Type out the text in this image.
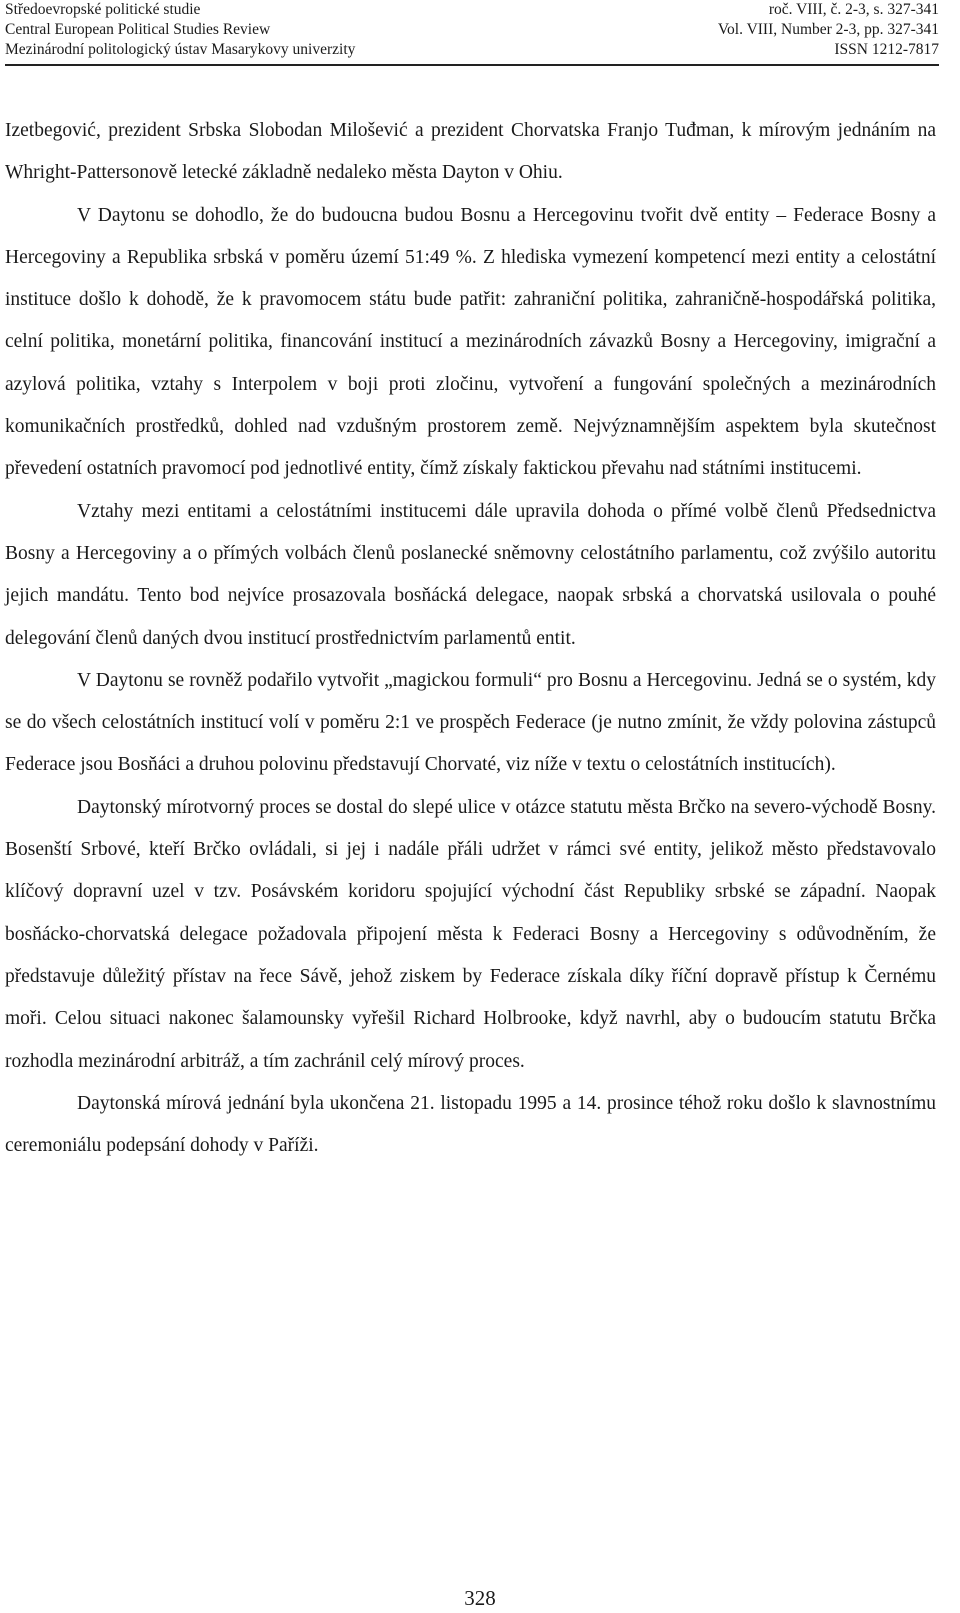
Středoevropské politické studie	roč. VIII, č. 2-3, s. 327-341
Central European Political Studies Review	Vol. VIII, Number 2-3, pp. 327-341
Mezinárodní politologický ústav Masarykovy univerzity	ISSN 1212-7817

Izetbegović, prezident Srbska Slobodan Milošević a prezident Chorvatska Franjo Tuđman, k mírovým jednáním na Whright-Pattersonově letecké základně nedaleko města Dayton v Ohiu.

V Daytonu se dohodlo, že do budoucna budou Bosnu a Hercegovinu tvořit dvě entity – Federace Bosny a Hercegoviny a Republika srbská v poměru území 51:49 %. Z hlediska vymezení kompetencí mezi entity a celostátní instituce došlo k dohodě, že k pravomocem státu bude patřit: zahraniční politika, zahraničně-hospodářská politika, celní politika, monetární politika, financování institucí a mezinárodních závazků Bosny a Hercegoviny, imigrační a azylová politika, vztahy s Interpolem v boji proti zločinu, vytvoření a fungování společných a mezinárodních komunikačních prostředků, dohled nad vzdušným prostorem země. Nejvýznamnějším aspektem byla skutečnost převedení ostatních pravomocí pod jednotlivé entity, čímž získaly faktickou převahu nad státními institucemi.

Vztahy mezi entitami a celostátními institucemi dále upravila dohoda o přímé volbě členů Předsednictva Bosny a Hercegoviny a o přímých volbách členů poslanecké sněmovny celostátního parlamentu, což zvýšilo autoritu jejich mandátu. Tento bod nejvíce prosazovala bosňácká delegace, naopak srbská a chorvatská usilovala o pouhé delegování členů daných dvou institucí prostřednictvím parlamentů entit.

V Daytonu se rovněž podařilo vytvořit „magickou formuli“ pro Bosnu a Hercegovinu. Jedná se o systém, kdy se do všech celostátních institucí volí v poměru 2:1 ve prospěch Federace (je nutno zmínit, že vždy polovina zástupců Federace jsou Bosňáci a druhou polovinu představují Chorvaté, viz níže v textu o celostátních institucích).

Daytonský mírotvorný proces se dostal do slepé ulice v otázce statutu města Brčko na severo-východě Bosny. Bosenští Srbové, kteří Brčko ovládali, si jej i nadále přáli udržet v rámci své entity, jelikož město představovalo klíčový dopravní uzel v tzv. Posávském koridoru spojující východní část Republiky srbské se západní. Naopak bosňácko-chorvatská delegace požadovala připojení města k Federaci Bosny a Hercegoviny s odůvodněním, že představuje důležitý přístav na řece Sávě, jehož ziskem by Federace získala díky říční dopravě přístup k Černému moři. Celou situaci nakonec šalamounsky vyřešil Richard Holbrooke, když navrhl, aby o budoucím statutu Brčka rozhodla mezinárodní arbitráž, a tím zachránil celý mírový proces.

Daytonská mírová jednání byla ukončena 21. listopadu 1995 a 14. prosince téhož roku došlo k slavnostnímu ceremoniálu podepsání dohody v Paříži.

328
